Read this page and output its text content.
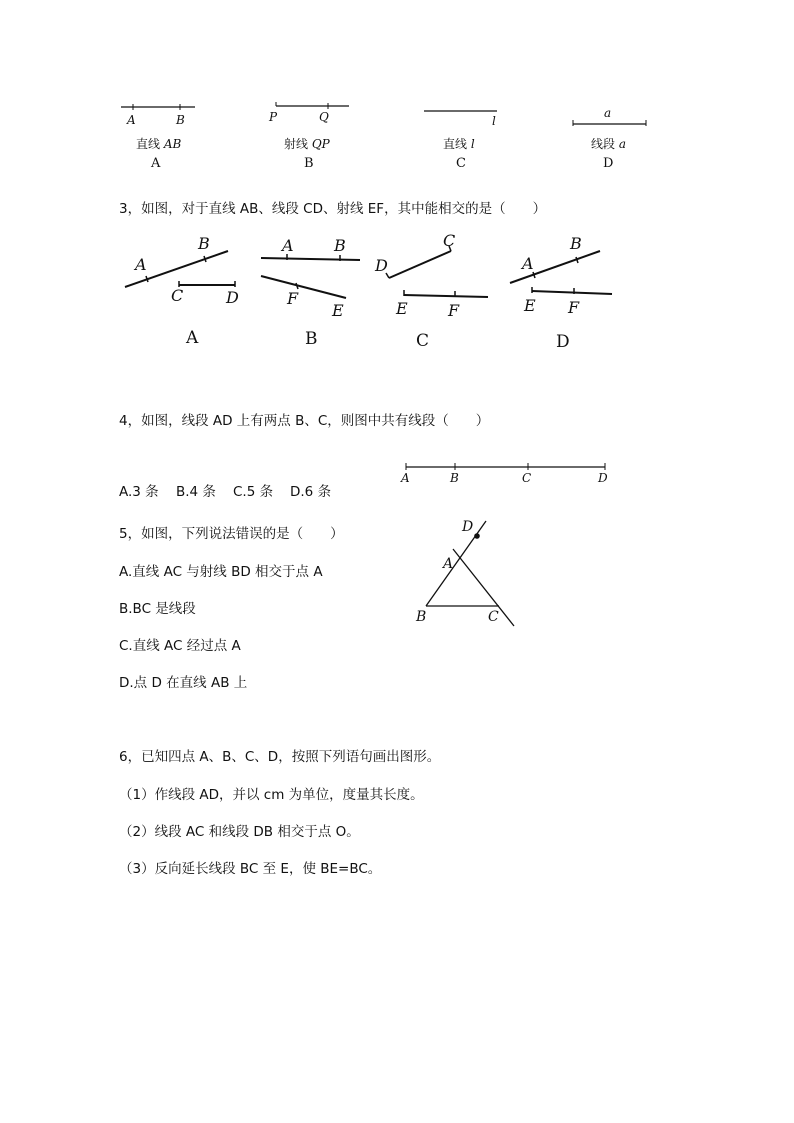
A	B	P	Q	l
a
直线 AB	射线 QP	直线 l	线段 a
A	B	C	D
3，如图，对于直线 AB、线段 CD、射线 EF，其中能相交的是（　　）
A
B
C	D
A	B
F
E
C
D
E	F
A
B
E F
A	B	C	D
4，如图，线段 AD 上有两点 B、C，则图中共有线段（　　）
A.3 条 B.4 条 C.5 条 D.6 条
A	B	C	D
5，如图，下列说法错误的是（　　）
A.直线 AC 与射线 BD 相交于点 A
B.BC 是线段
C.直线 AC 经过点 A
D.点 D 在直线 AB 上
D
A
B	C
6，已知四点 A、B、C、D，按照下列语句画出图形。
（1）作线段 AD，并以 cm 为单位，度量其长度。
（2）线段 AC 和线段 DB 相交于点 O。
（3）反向延长线段 BC 至 E，使 BE=BC。
